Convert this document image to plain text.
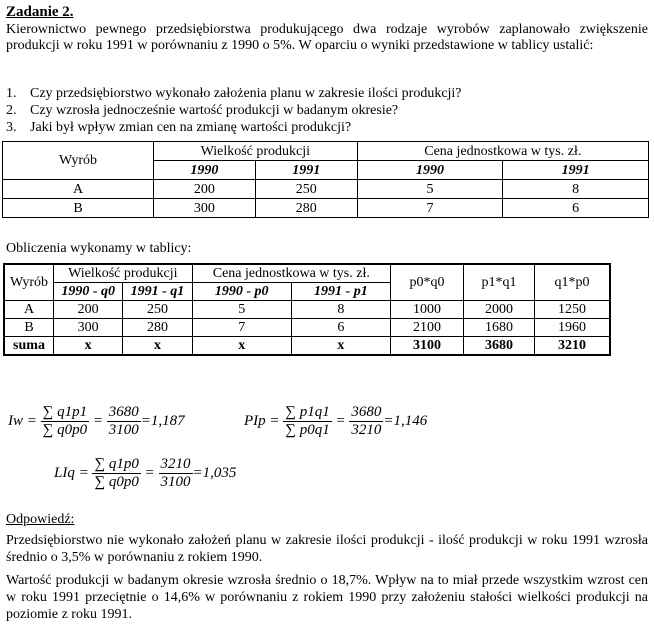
Zadanie 2.
Kierownictwo pewnego przedsiębiorstwa produkującego dwa rodzaje wyrobów zaplanowało zwiększenie produkcji w roku 1991 w porównaniu z 1990 o 5%. W oparciu o wyniki przedstawione w tablicy ustalić:
1. Czy przedsiębiorstwo wykonało założenia planu w zakresie ilości produkcji?
2. Czy wzrosła jednocześnie wartość produkcji w badanym okresie?
3. Jaki był wpływ zmian cen na zmianę wartości produkcji?
Wyrób	Wielkość produkcji		Cena jednostkowa w tys. zł.	
	1990	1991	1990	1991
A	200	250	5	8
B	300	280	7	6
Obliczenia wykonamy w tablicy:
Wyrób	Wielkość produkcji		Cena jednostkowa w tys. zł.		p0*q0	p1*q1	q1*p0
	1990 - q0	1991 - q1	1990 - p0	1991 - p1			
A	200	250	5	8	1000	2000	1250
B	300	280	7	6	2100	1680	1960
suma	x	x	x	x	3100	3680	3210
$Iw = \frac{\sum q1p1}{\sum q0p0} = \frac{3680}{3100} =1,187$	PIp = $\frac{\sum p1q1}{\sum p0q1} = \frac{3680}{3210} =1,146$
LIq = $\frac{\sum q1p0}{\sum q0p0} = \frac{3210}{3100} =1,035$
Odpowiedź:
Przedsiębiorstwo nie wykonało założeń planu w zakresie ilości produkcji - ilość produkcji w roku 1991 wzrosła średnio o 3,5% w porównaniu z rokiem 1990.
Wartość produkcji w badanym okresie wzrosła średnio o 18,7%. Wpływ na to miał przede wszystkim wzrost cen w roku 1991 przeciętnie o 14,6% w porównaniu z rokiem 1990 przy założeniu stałości wielkości produkcji na poziomie z roku 1991.
